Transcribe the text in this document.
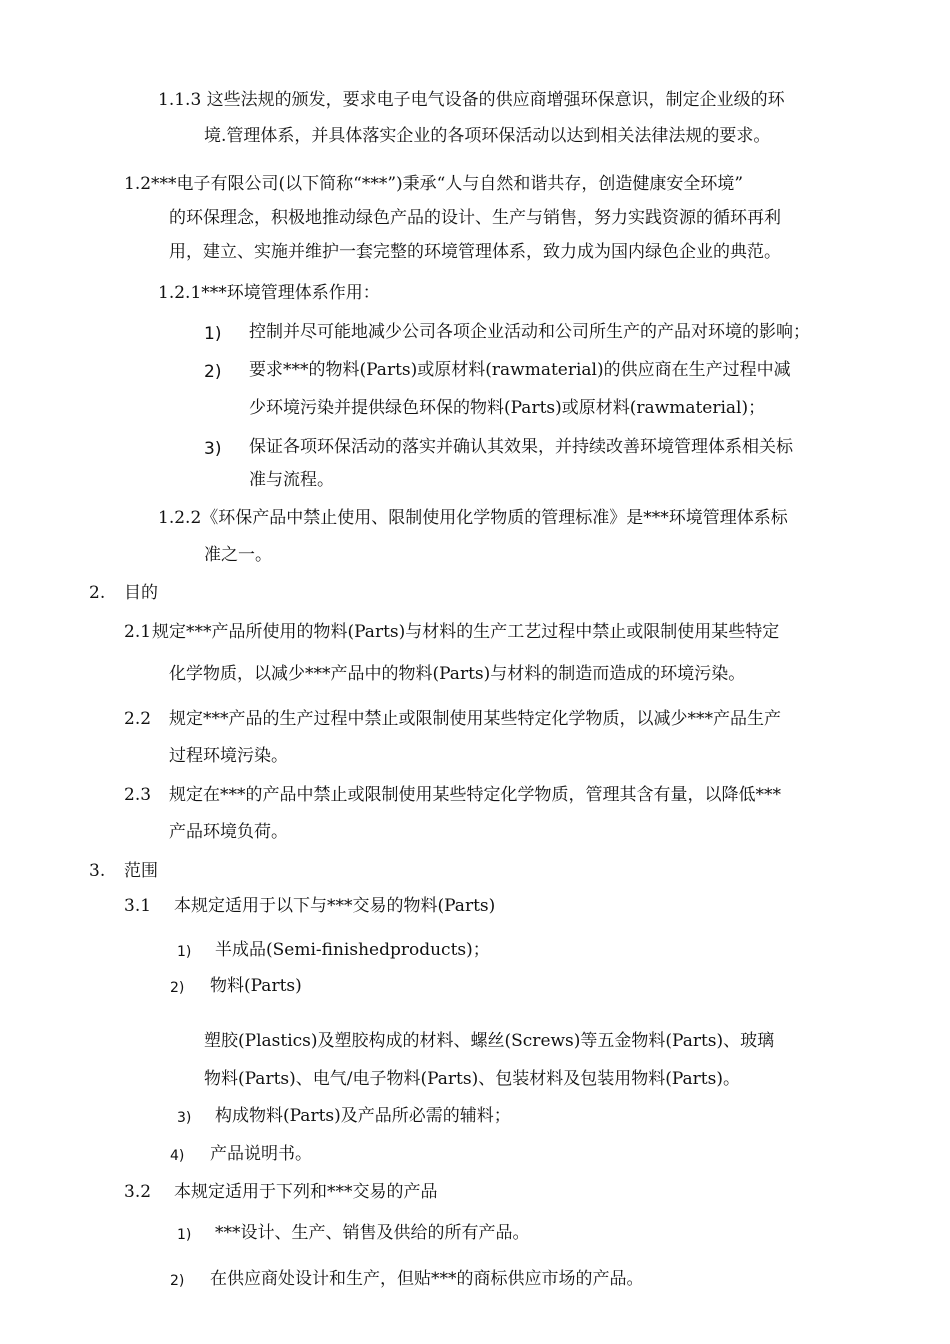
1.1.3 这些法规的颁发，要求电子电气设备的供应商增强环保意识，制定企业级的环
境.管理体系，并具体落实企业的各项环保活动以达到相关法律法规的要求。
1.2***电子有限公司(以下简称“***”)秉承“人与自然和谐共存，创造健康安全环境”
的环保理念，积极地推动绿色产品的设计、生产与销售，努力实践资源的循环再利
用，建立、实施并维护一套完整的环境管理体系，致力成为国内绿色企业的典范。
1.2.1***环境管理体系作用：
1) 控制并尽可能地减少公司各项企业活动和公司所生产的产品对环境的影响；
2) 要求***的物料(Parts)或原材料(rawmaterial)的供应商在生产过程中减
少环境污染并提供绿色环保的物料(Parts)或原材料(rawmaterial)；
3) 保证各项环保活动的落实并确认其效果，并持续改善环境管理体系相关标
准与流程。
1.2.2《环保产品中禁止使用、限制使用化学物质的管理标准》是***环境管理体系标
准之一。
2. 目的
2.1 规定***产品所使用的物料(Parts)与材料的生产工艺过程中禁止或限制使用某些特定
化学物质，以减少***产品中的物料(Parts)与材料的制造而造成的环境污染。
2.2 规定***产品的生产过程中禁止或限制使用某些特定化学物质，以减少***产品生产
过程环境污染。
2.3 规定在***的产品中禁止或限制使用某些特定化学物质，管理其含有量，以降低***
产品环境负荷。
3. 范围
3.1 本规定适用于以下与***交易的物料(Parts)
1) 半成品(Semi-finishedproducts)；
2) 物料(Parts)
塑胶(Plastics)及塑胶构成的材料、螺丝(Screws)等五金物料(Parts)、玻璃
物料(Parts)、电气/电子物料(Parts)、包装材料及包装用物料(Parts)。
3) 构成物料(Parts)及产品所必需的辅料；
4) 产品说明书。
3.2 本规定适用于下列和***交易的产品
1) ***设计、生产、销售及供给的所有产品。
2) 在供应商处设计和生产，但贴***的商标供应市场的产品。
